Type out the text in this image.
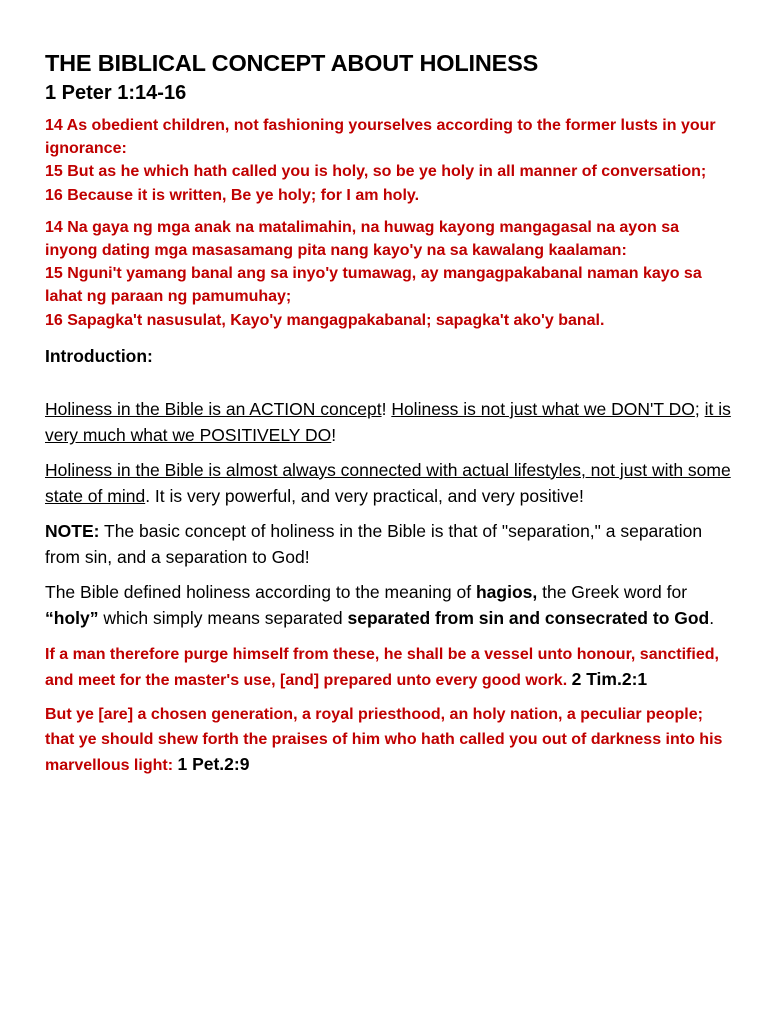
THE BIBLICAL CONCEPT ABOUT HOLINESS
1 Peter 1:14-16

14 As obedient children, not fashioning yourselves according to the former lusts in your ignorance:

15 But as he which hath called you is holy, so be ye holy in all manner of conversation;

16 Because it is written, Be ye holy; for I am holy.

14 Na gaya ng mga anak na matalimahin, na huwag kayong mangagasal na ayon sa inyong dating mga masasamang pita nang kayo'y na sa kawalang kaalaman:

15 Nguni't yamang banal ang sa inyo'y tumawag, ay mangagpakabanal naman kayo sa lahat ng paraan ng pamumuhay;

16 Sapagka't nasusulat, Kayo'y mangagpakabanal; sapagka't ako'y banal.

Introduction:

Holiness in the Bible is an ACTION concept! Holiness is not just what we DON'T DO; it is very much what we POSITIVELY DO!

Holiness in the Bible is almost always connected with actual lifestyles, not just with some state of mind. It is very powerful, and very practical, and very positive!

NOTE: The basic concept of holiness in the Bible is that of "separation," a separation from sin, and a separation to God!

The Bible defined holiness according to the meaning of hagios, the Greek word for “holy” which simply means separated separated from sin and consecrated to God.

If a man therefore purge himself from these, he shall be a vessel unto honour, sanctified, and meet for the master's use, [and] prepared unto every good work. 2 Tim.2:1

But ye [are] a chosen generation, a royal priesthood, an holy nation, a peculiar people; that ye should shew forth the praises of him who hath called you out of darkness into his marvellous light: 1 Pet.2:9
